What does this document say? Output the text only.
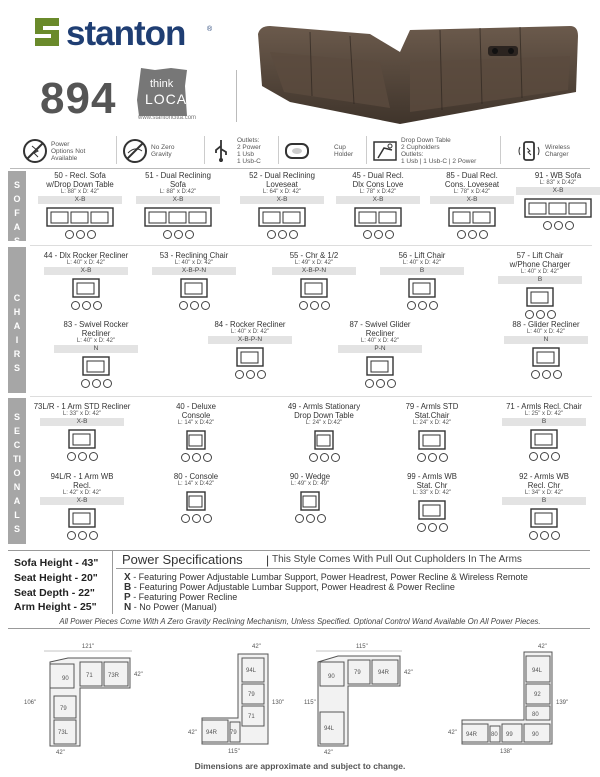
stanton	®
894	think
LOCAL
www.stantoncitta.com
Power
Options Not
Available
No Zero
Gravity
Outlets:
2 Power
1 Usb
1 Usb-C
Cup
Holder
Drop Down Table
2 Cupholders
Outlets:
1 Usb | 1 Usb-C | 2 Power
Wireless
Charger
SOFAS
CHAIRS
SECTIONALS
50 - Recl. Sofa
w/Drop Down Table
L: 88" x D: 42"
X-B
51 - Dual Reclining
Sofa
L: 88" x D:42"
X-B
52 - Dual Reclining
Loveseat
L: 64" x D: 42"
X-B
45 - Dual Recl.
Dlx Cons Love
L: 78" x D:42"
X-B
85 - Dual Recl.
Cons. Loveseat
L: 78" x D:42"
X-B
91 - WB Sofa
L: 83" x D:42"
X-B
44 - Dlx Rocker Recliner
L: 40" x D: 42"
X-B
53 - Reclining Chair
L: 40" x D: 42"
X-B-P-N
55 - Chr & 1/2
L: 49" x D: 42"
X-B-P-N
56 - Lift Chair
L: 40" x D: 42"
B
57 - Lift Chair
w/Phone Charger
L: 40" x D: 42"
B
83 - Swivel Rocker
Recliner
L: 40" x D: 42"
N
84 - Rocker Recliner
L: 40" x D: 42"
X-B-P-N
87 - Swivel Glider
Recliner
L: 40" x D: 42"
P-N
88 - Glider Recliner
L: 40" x D: 42"
N
73L/R - 1 Arm STD Recliner
L: 33" x D: 42"
X-B
40 - Deluxe
Console
L: 14" x D:42"
49 - Armls Stationary
Drop Down Table
L: 24" x D:42"
79 - Armls STD
Stat.Chair
L: 24" x D: 42"
71 - Armls Recl. Chair
L: 25" x D: 42"
B
94L/R - 1 Arm WB
Recl.
L: 42" x D: 42"
X-B
80 - Console
L: 14" x D:42"
90 - Wedge
L: 49" x D: 49"
99 - Armls WB
Stat. Chr
L: 33" x D: 42"
92 - Armls WB
Recl. Chr
L: 34" x D: 42"
B
Sofa Height - 43"
Seat Height - 20"
Seat Depth - 22"
Arm Height - 25"
Power Specifications | This Style Comes With Pull Out Cupholders In The Arms
X - Featuring Power Adjustable Lumbar Support, Power Headrest, Power Recline & Wireless Remote
B - Featuring Power Adjustable Lumbar Support, Power Headrest & Power Recline
P - Featuring Power Recline
N - No Power (Manual)
All Power Pieces Come With A Zero Gravity Reclining Mechanism, Unless Specified. Optional Control Wand Available On All Power Pieces.
121"
90	71	73R
79
73L
106"
42"
42"
42"
94L
79
71
94R 79
130"
42"
115"
115"
90
94R
79
94L
115"
42"
42"
42"
94L
92
80
94R	99	90
80
139"
42"
138"
Dimensions are approximate and subject to change.
